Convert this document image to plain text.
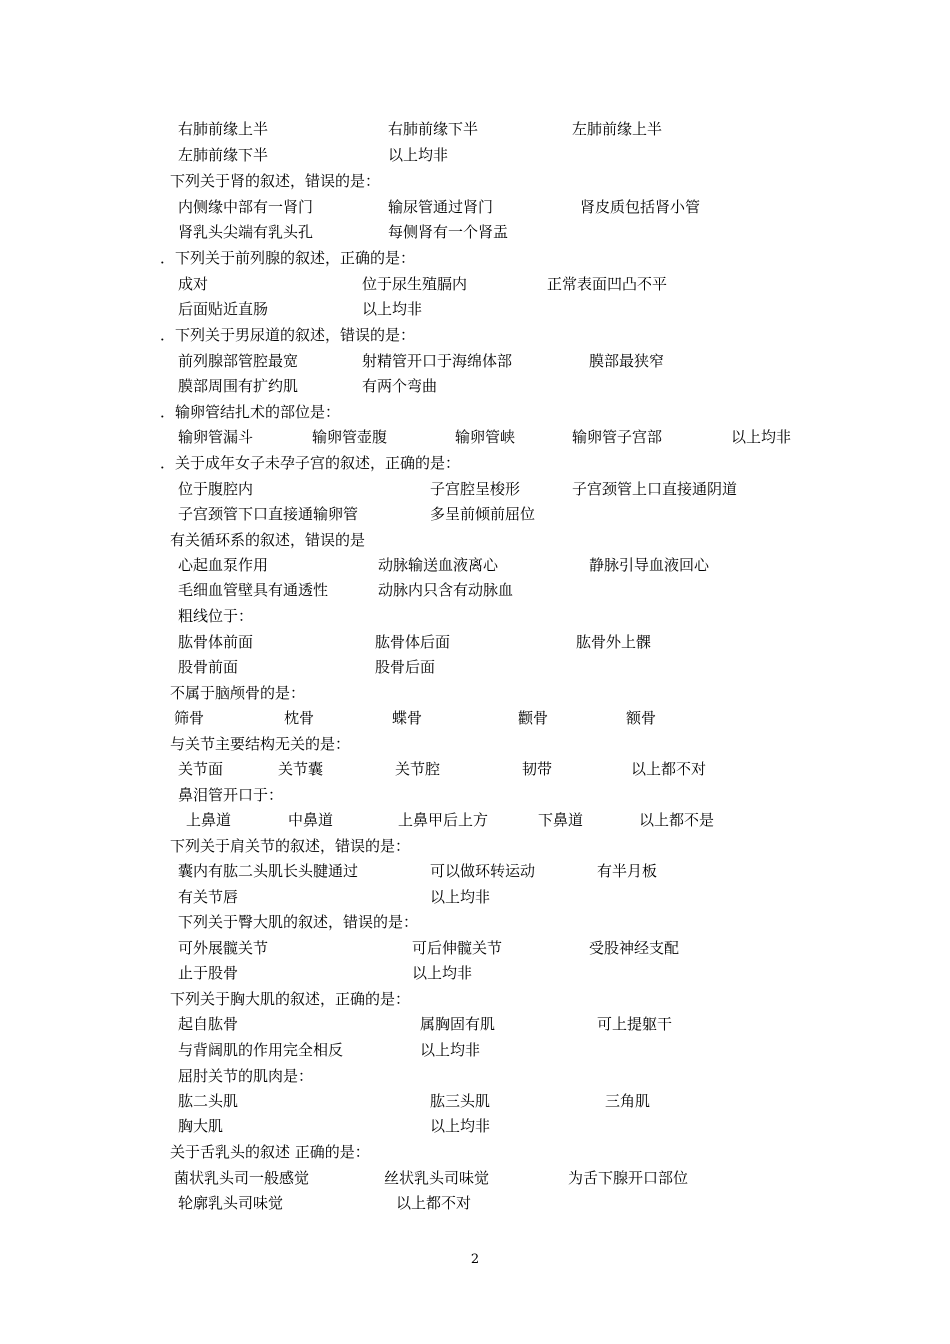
右肺前缘上半	右肺前缘下半	左肺前缘上半
左肺前缘下半	以上均非
下列关于肾的叙述，错误的是：
内侧缘中部有一肾门	输尿管通过肾门	肾皮质包括肾小管
肾乳头尖端有乳头孔	每侧肾有一个肾盂
．下列关于前列腺的叙述，正确的是：
成对	位于尿生殖膈内	正常表面凹凸不平
后面贴近直肠	以上均非
．下列关于男尿道的叙述，错误的是：
前列腺部管腔最宽	射精管开口于海绵体部	膜部最狭窄
膜部周围有扩约肌	有两个弯曲
．输卵管结扎术的部位是：
输卵管漏斗	输卵管壶腹	输卵管峡	输卵管子宫部	以上均非
．关于成年女子未孕子宫的叙述，正确的是：
位于腹腔内	子宫腔呈梭形	子宫颈管上口直接通阴道
子宫颈管下口直接通输卵管	多呈前倾前屈位
有关循环系的叙述，错误的是
心起血泵作用	动脉输送血液离心	静脉引导血液回心
毛细血管壁具有通透性	动脉内只含有动脉血
粗线位于：
肱骨体前面	肱骨体后面	肱骨外上髁
股骨前面	股骨后面
不属于脑颅骨的是：
筛骨	枕骨	蝶骨	颧骨	额骨
与关节主要结构无关的是：
关节面	关节囊	关节腔	韧带	以上都不对
鼻泪管开口于：
上鼻道	中鼻道	上鼻甲后上方	下鼻道	以上都不是
下列关于肩关节的叙述，错误的是：
囊内有肱二头肌长头腱通过	可以做环转运动	有半月板
有关节唇	以上均非
下列关于臀大肌的叙述，错误的是：
可外展髋关节	可后伸髋关节	受股神经支配
止于股骨	以上均非
下列关于胸大肌的叙述，正确的是：
起自肱骨	属胸固有肌	可上提躯干
与背阔肌的作用完全相反	以上均非
屈肘关节的肌肉是：
肱二头肌	肱三头肌	三角肌
胸大肌	以上均非
关于舌乳头的叙述 正确的是：
菌状乳头司一般感觉	丝状乳头司味觉	为舌下腺开口部位
轮廓乳头司味觉	以上都不对
2
